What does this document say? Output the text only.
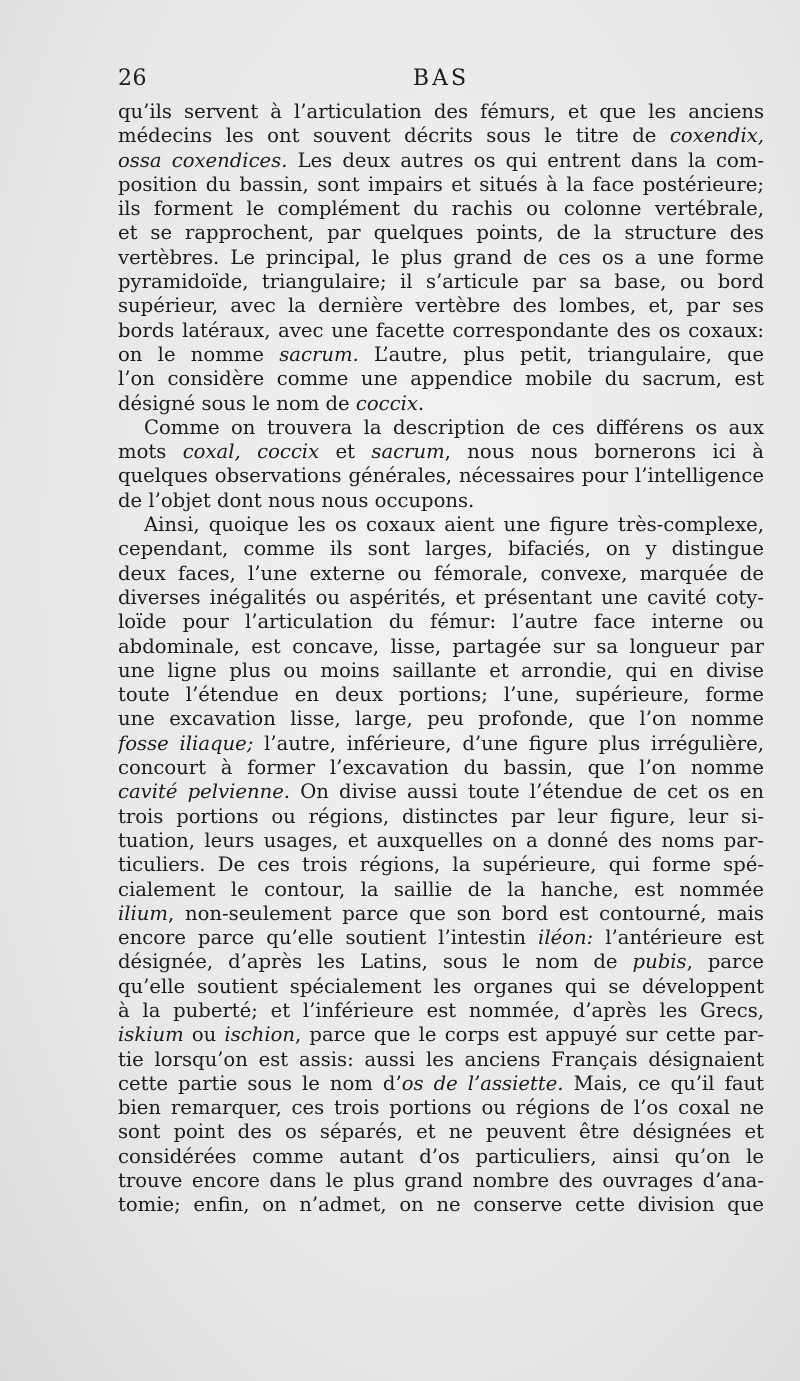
26	BAS
qu’ils servent à l’articulation des fémurs, et que les anciens
médecins les ont souvent décrits sous le titre de coxendix,
ossa coxendices. Les deux autres os qui entrent dans la com-
position du bassin, sont impairs et situés à la face postérieure;
ils forment le complément du rachis ou colonne vertébrale,
et se rapprochent, par quelques points, de la structure des
vertèbres. Le principal, le plus grand de ces os a une forme
pyramidoïde, triangulaire; il s’articule par sa base, ou bord
supérieur, avec la dernière vertèbre des lombes, et, par ses
bords latéraux, avec une facette correspondante des os coxaux:
on le nomme sacrum. L’autre, plus petit, triangulaire, que
l’on considère comme une appendice mobile du sacrum, est
désigné sous le nom de coccix.
Comme on trouvera la description de ces différens os aux
mots coxal, coccix et sacrum, nous nous bornerons ici à
quelques observations générales, nécessaires pour l’intelligence
de l’objet dont nous nous occupons.
Ainsi, quoique les os coxaux aient une figure très-complexe,
cependant, comme ils sont larges, bifaciés, on y distingue
deux faces, l’une externe ou fémorale, convexe, marquée de
diverses inégalités ou aspérités, et présentant une cavité coty-
loïde pour l’articulation du fémur: l’autre face interne ou
abdominale, est concave, lisse, partagée sur sa longueur par
une ligne plus ou moins saillante et arrondie, qui en divise
toute l’étendue en deux portions; l’une, supérieure, forme
une excavation lisse, large, peu profonde, que l’on nomme
fosse iliaque; l’autre, inférieure, d’une figure plus irrégulière,
concourt à former l’excavation du bassin, que l’on nomme
cavité pelvienne. On divise aussi toute l’étendue de cet os en
trois portions ou régions, distinctes par leur figure, leur si-
tuation, leurs usages, et auxquelles on a donné des noms par-
ticuliers. De ces trois régions, la supérieure, qui forme spé-
cialement le contour, la saillie de la hanche, est nommée
ilium, non-seulement parce que son bord est contourné, mais
encore parce qu’elle soutient l’intestin iléon: l’antérieure est
désignée, d’après les Latins, sous le nom de pubis, parce
qu’elle soutient spécialement les organes qui se développent
à la puberté; et l’inférieure est nommée, d’après les Grecs,
iskium ou ischion, parce que le corps est appuyé sur cette par-
tie lorsqu’on est assis: aussi les anciens Français désignaient
cette partie sous le nom d’os de l’assiette. Mais, ce qu’il faut
bien remarquer, ces trois portions ou régions de l’os coxal ne
sont point des os séparés, et ne peuvent être désignées et
considérées comme autant d’os particuliers, ainsi qu’on le
trouve encore dans le plus grand nombre des ouvrages d’ana-
tomie; enfin, on n’admet, on ne conserve cette division que
